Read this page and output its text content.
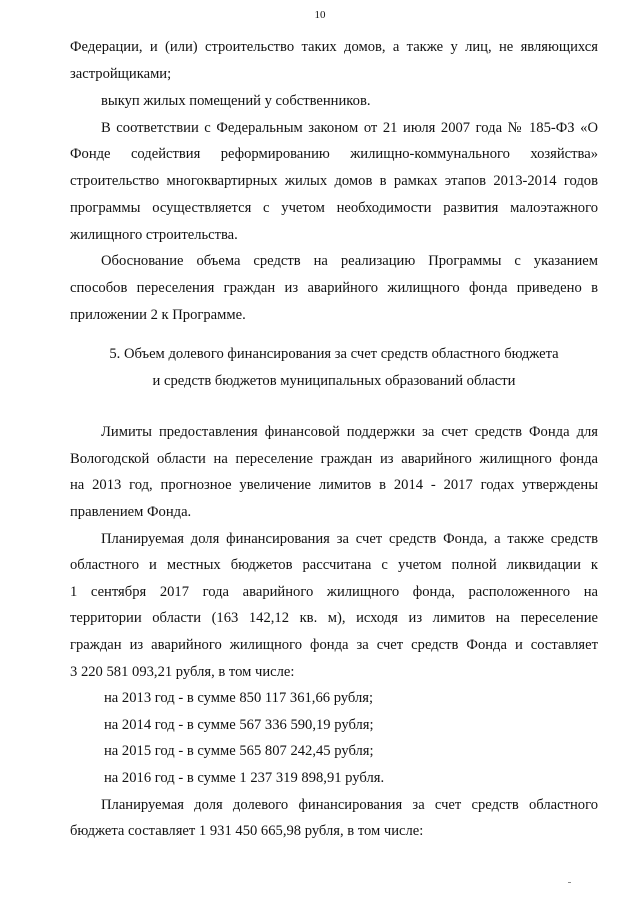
10
Федерации, и (или) строительство таких домов, а также у лиц, не являющихся
застройщиками;
выкуп жилых помещений у собственников.
В соответствии с Федеральным законом от 21 июля 2007 года № 185-ФЗ «О
Фонде содействия реформированию жилищно-коммунального хозяйства»
строительство многоквартирных жилых домов в рамках этапов 2013-2014 годов
программы осуществляется с учетом необходимости развития малоэтажного
жилищного строительства.
Обоснование объема средств на реализацию Программы с указанием
способов переселения граждан из аварийного жилищного фонда приведено в
приложении 2 к Программе.
5. Объем долевого финансирования за счет средств областного бюджета
и средств бюджетов муниципальных образований области
Лимиты предоставления финансовой поддержки за счет средств Фонда для
Вологодской области на переселение граждан из аварийного жилищного фонда
на 2013 год, прогнозное увеличение лимитов в 2014 - 2017 годах утверждены
правлением Фонда.
Планируемая доля финансирования за счет средств Фонда, а также средств
областного и местных бюджетов рассчитана с учетом полной ликвидации к
1 сентября 2017 года аварийного жилищного фонда, расположенного на
территории области (163 142,12 кв. м), исходя из лимитов на переселение
граждан из аварийного жилищного фонда за счет средств Фонда и составляет
3 220 581 093,21 рубля, в том числе:
на 2013 год - в сумме 850 117 361,66 рубля;
на 2014 год - в сумме 567 336 590,19 рубля;
на 2015 год - в сумме 565 807 242,45 рубля;
на 2016 год - в сумме 1 237 319 898,91 рубля.
Планируемая доля долевого финансирования за счет средств областного
бюджета составляет 1 931 450 665,98 рубля, в том числе:
